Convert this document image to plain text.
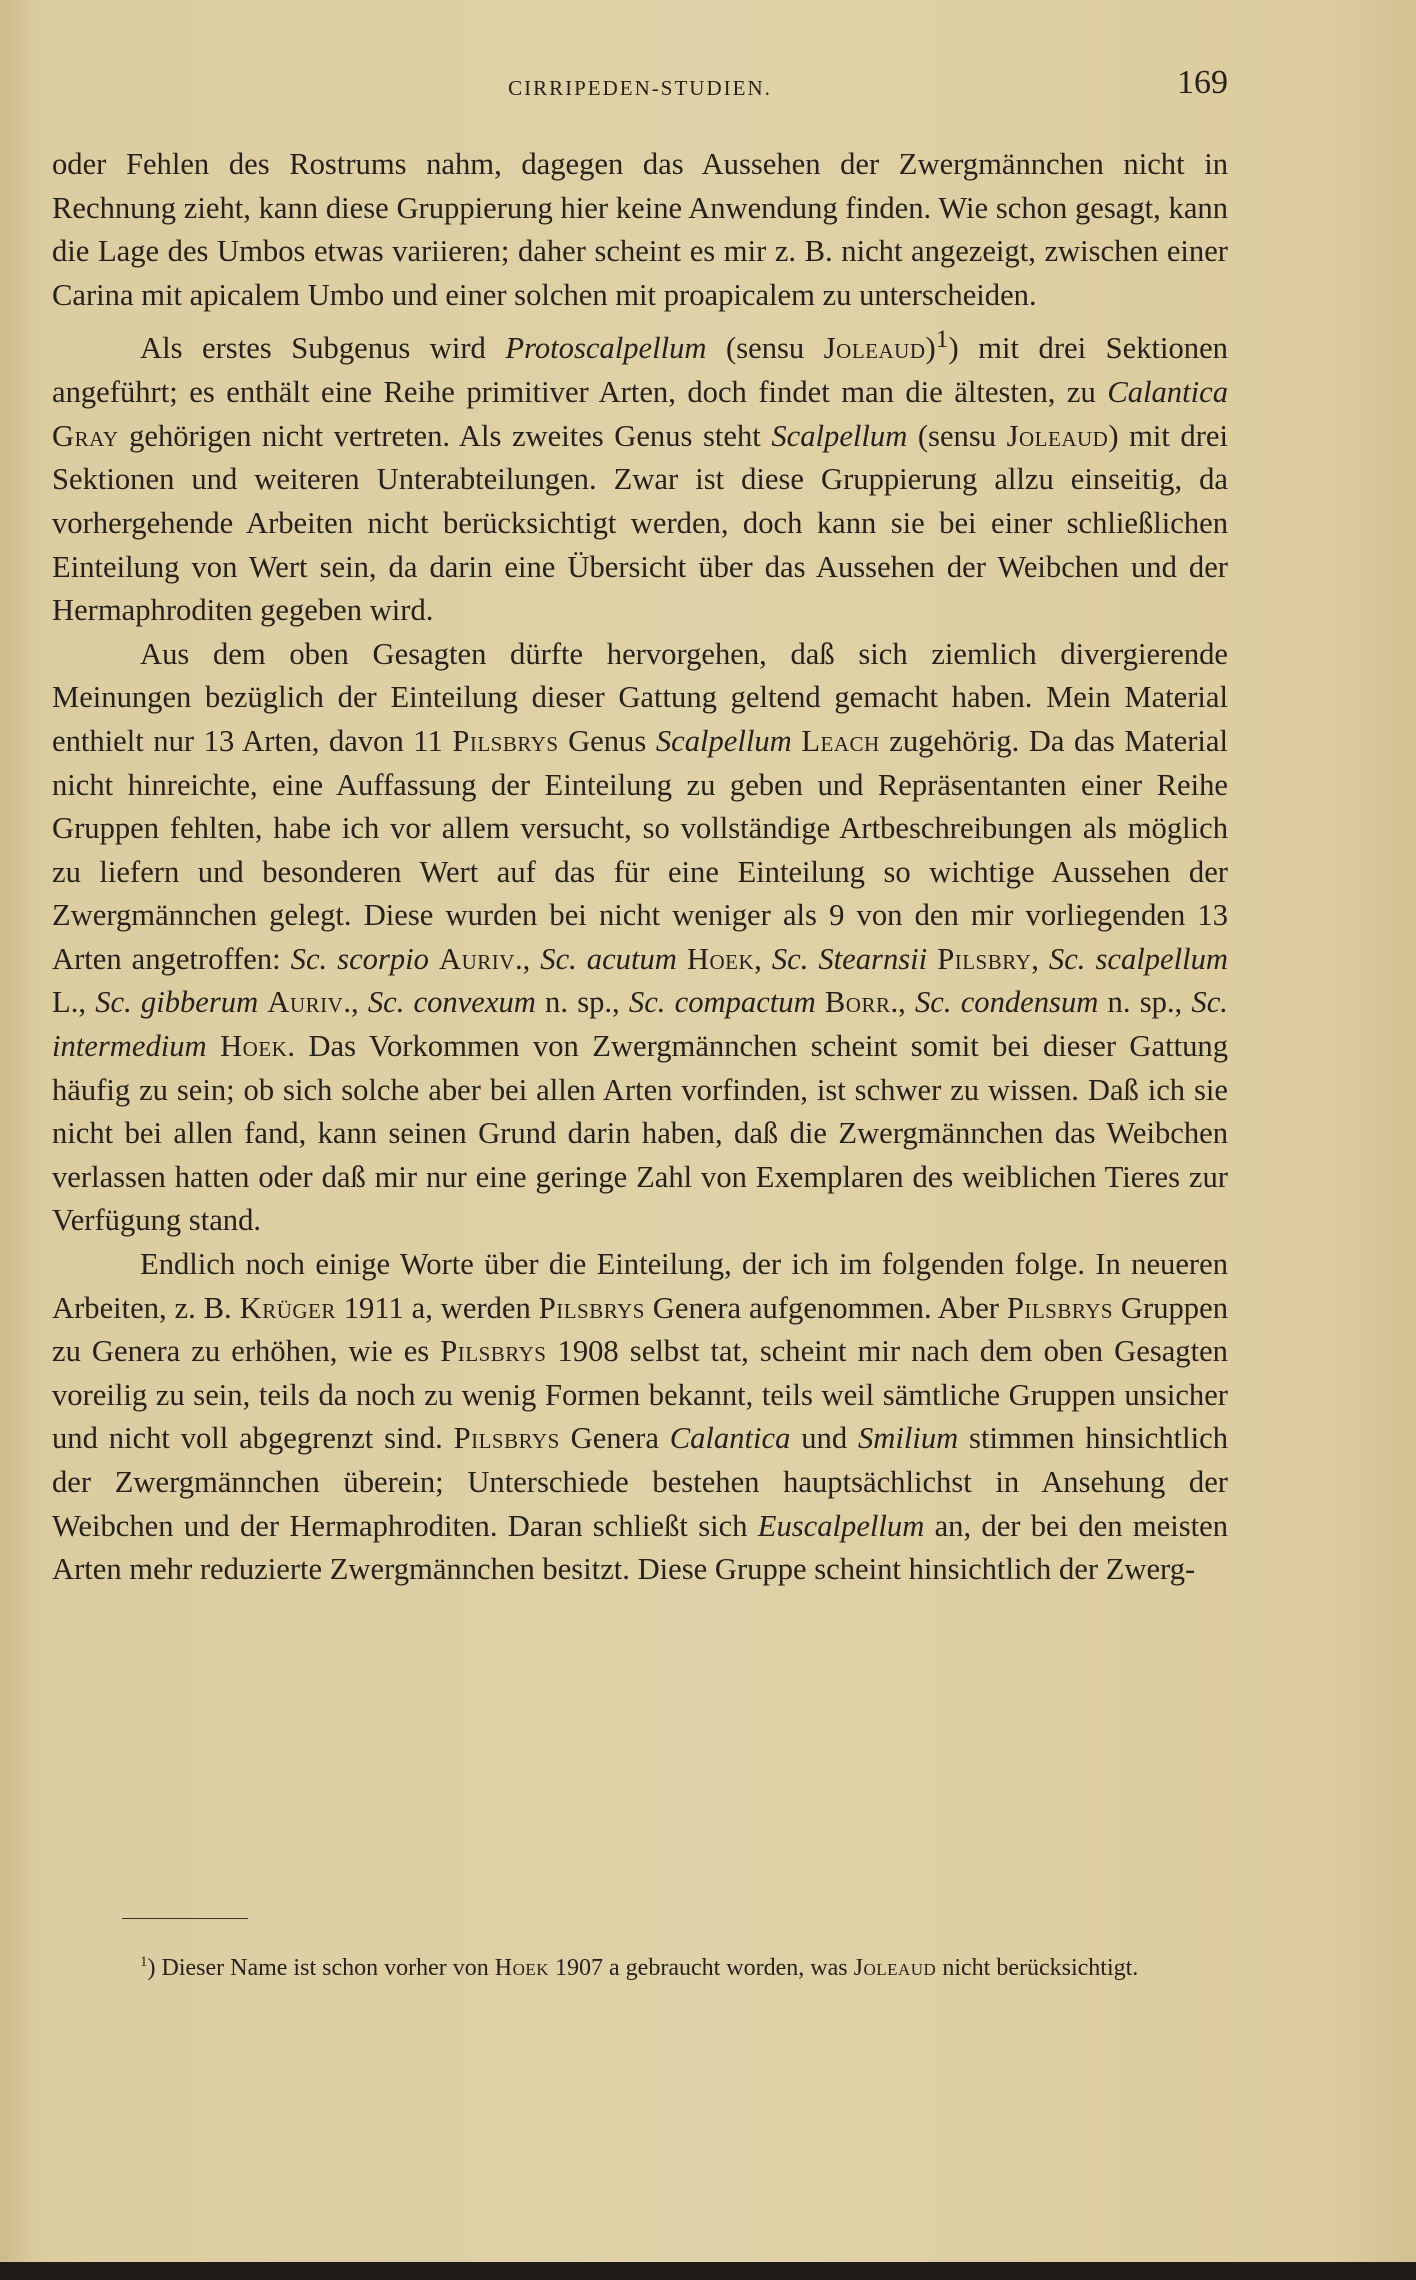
CIRRIPEDEN-STUDIEN.	169

oder Fehlen des Rostrums nahm, dagegen das Aussehen der Zwergmännchen nicht in Rechnung zieht, kann diese Gruppierung hier keine Anwendung finden. Wie schon gesagt, kann die Lage des Umbos etwas variieren; daher scheint es mir z. B. nicht angezeigt, zwischen einer Carina mit apicalem Umbo und einer solchen mit proapicalem zu unterscheiden.

Als erstes Subgenus wird Protoscalpellum (sensu Joleaud)$^1$) mit drei Sektionen angeführt; es enthält eine Reihe primitiver Arten, doch findet man die ältesten, zu Calantica Gray gehörigen nicht vertreten. Als zweites Genus steht Scalpellum (sensu Joleaud) mit drei Sektionen und weiteren Unterabteilungen. Zwar ist diese Gruppierung allzu einseitig, da vorhergehende Arbeiten nicht berücksichtigt werden, doch kann sie bei einer schließlichen Einteilung von Wert sein, da darin eine Übersicht über das Aussehen der Weibchen und der Hermaphroditen gegeben wird.

Aus dem oben Gesagten dürfte hervorgehen, daß sich ziemlich divergierende Meinungen bezüglich der Einteilung dieser Gattung geltend gemacht haben. Mein Material enthielt nur 13 Arten, davon 11 Pilsbrys Genus Scalpellum Leach zugehörig. Da das Material nicht hinreichte, eine Auffassung der Einteilung zu geben und Repräsentanten einer Reihe Gruppen fehlten, habe ich vor allem versucht, so vollständige Artbeschreibungen als möglich zu liefern und besonderen Wert auf das für eine Einteilung so wichtige Aussehen der Zwergmännchen gelegt. Diese wurden bei nicht weniger als 9 von den mir vorliegenden 13 Arten angetroffen: Sc. scorpio Auriv., Sc. acutum Hoek, Sc. Stearnsii Pilsbry, Sc. scalpellum L., Sc. gibberum Auriv., Sc. convexum n. sp., Sc. compactum Borr., Sc. condensum n. sp., Sc. intermedium Hoek. Das Vorkommen von Zwergmännchen scheint somit bei dieser Gattung häufig zu sein; ob sich solche aber bei allen Arten vorfinden, ist schwer zu wissen. Daß ich sie nicht bei allen fand, kann seinen Grund darin haben, daß die Zwergmännchen das Weibchen verlassen hatten oder daß mir nur eine geringe Zahl von Exemplaren des weiblichen Tieres zur Verfügung stand.

Endlich noch einige Worte über die Einteilung, der ich im folgenden folge. In neueren Arbeiten, z. B. Krüger 1911 a, werden Pilsbrys Genera aufgenommen. Aber Pilsbrys Gruppen zu Genera zu erhöhen, wie es Pilsbrys 1908 selbst tat, scheint mir nach dem oben Gesagten voreilig zu sein, teils da noch zu wenig Formen bekannt, teils weil sämtliche Gruppen unsicher und nicht voll abgegrenzt sind. Pilsbrys Genera Calantica und Smilium stimmen hinsichtlich der Zwergmännchen überein; Unterschiede bestehen hauptsächlichst in Ansehung der Weibchen und der Hermaphroditen. Daran schließt sich Euscalpellum an, der bei den meisten Arten mehr reduzierte Zwergmännchen besitzt. Diese Gruppe scheint hinsichtlich der Zwerg-

$^1$) Dieser Name ist schon vorher von Hoek 1907 a gebraucht worden, was Joleaud nicht berücksichtigt.
